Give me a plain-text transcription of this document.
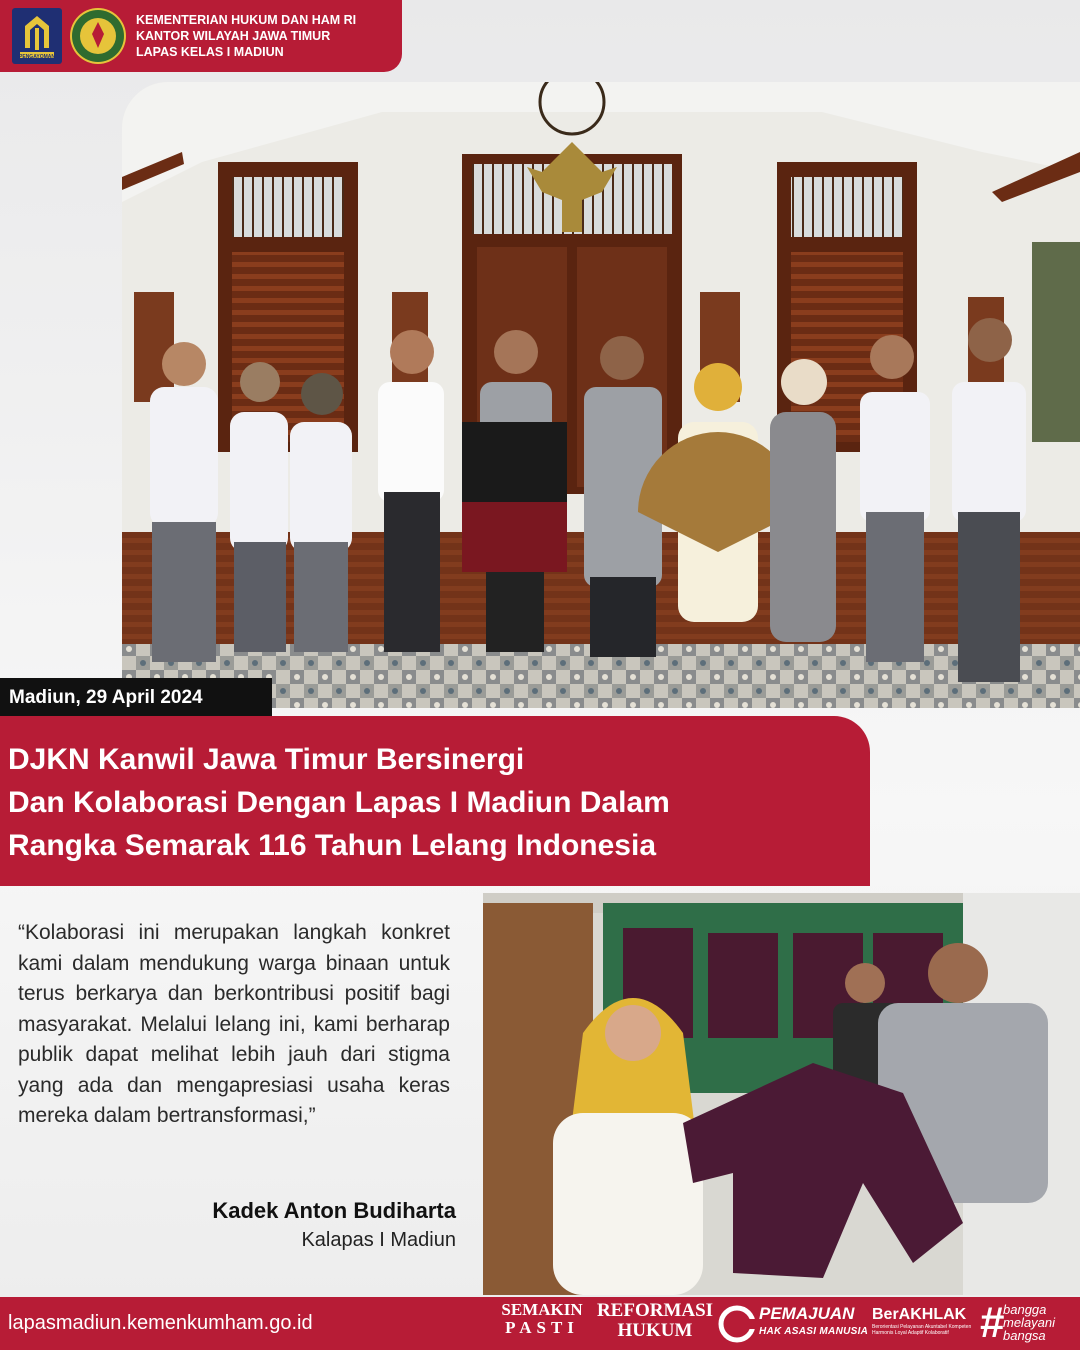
PENGAYOMAN
KEMENTERIAN HUKUM DAN HAM RI
KANTOR WILAYAH JAWA TIMUR
LAPAS KELAS I MADIUN
Madiun, 29 April 2024
DJKN Kanwil Jawa Timur Bersinergi
Dan Kolaborasi Dengan Lapas I Madiun Dalam
Rangka Semarak 116 Tahun Lelang Indonesia
“Kolaborasi ini merupakan langkah konkret kami dalam mendukung warga binaan untuk terus berkarya dan berkontribusi positif bagi masyarakat. Melalui lelang ini, kami berharap publik dapat melihat lebih jauh dari stigma yang ada dan mengapresiasi usaha keras mereka dalam bertransformasi,”
Kadek Anton Budiharta
Kalapas I Madiun
lapasmadiun.kemenkumham.go.id
SEMAKIN
PASTI
REFORMASI
HUKUM
PEMAJUAN
HAK ASASI MANUSIA
BerAKHLAK
Berorientasi Pelayanan Akuntabel Kompeten Harmonis Loyal Adaptif Kolaboratif #
bangga
melayani
bangsa
